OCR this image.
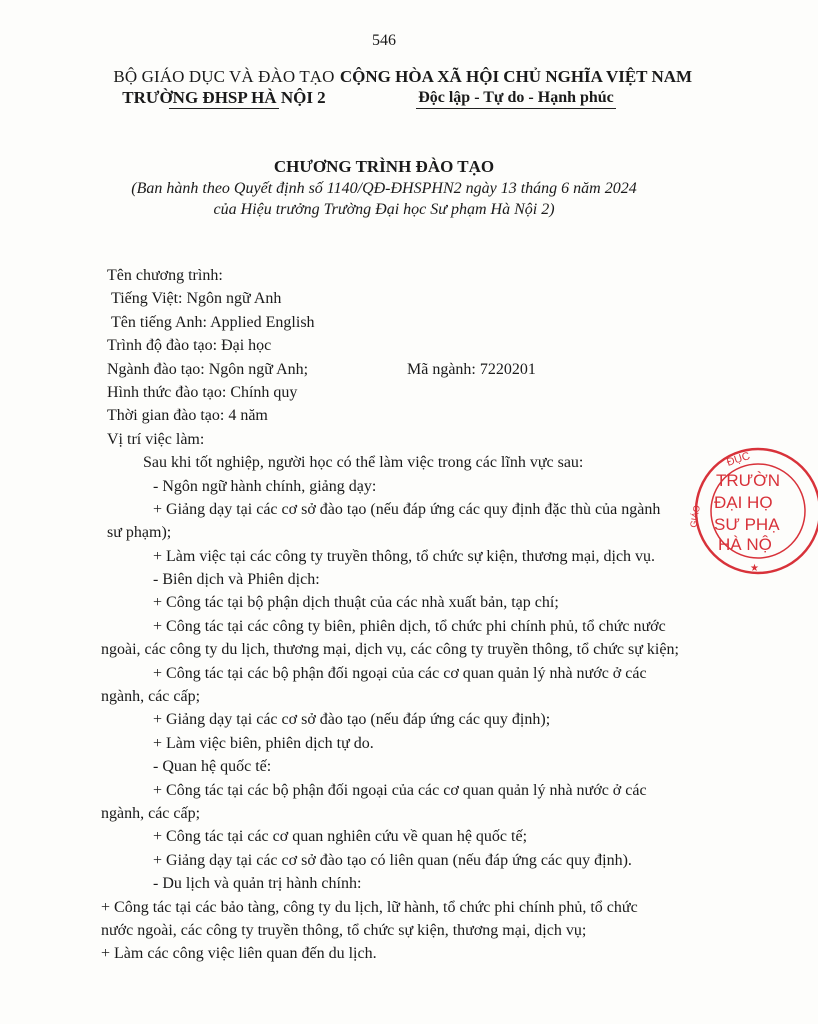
546
BỘ GIÁO DỤC VÀ ĐÀO TẠO
TRƯỜNG ĐHSP HÀ NỘI 2
CỘNG HÒA XÃ HỘI CHỦ NGHĨA VIỆT NAM
Độc lập - Tự do - Hạnh phúc
CHƯƠNG TRÌNH ĐÀO TẠO
(Ban hành theo Quyết định số 1140/QĐ-ĐHSPHN2 ngày 13 tháng 6 năm 2024
của Hiệu trưởng Trường Đại học Sư phạm Hà Nội 2)
Tên chương trình:
Tiếng Việt: Ngôn ngữ Anh
Tên tiếng Anh: Applied English
Trình độ đào tạo: Đại học
Ngành đào tạo: Ngôn ngữ Anh;	Mã ngành: 7220201
Hình thức đào tạo: Chính quy
Thời gian đào tạo: 4 năm
Vị trí việc làm:
Sau khi tốt nghiệp, người học có thể làm việc trong các lĩnh vực sau:
- Ngôn ngữ hành chính, giảng dạy:
+ Giảng dạy tại các cơ sở đào tạo (nếu đáp ứng các quy định đặc thù của ngành
sư phạm);
+ Làm việc tại các công ty truyền thông, tổ chức sự kiện, thương mại, dịch vụ.
- Biên dịch và Phiên dịch:
+ Công tác tại bộ phận dịch thuật của các nhà xuất bản, tạp chí;
+ Công tác tại các công ty biên, phiên dịch, tổ chức phi chính phủ, tổ chức nước
ngoài, các công ty du lịch, thương mại, dịch vụ, các công ty truyền thông, tổ chức sự kiện;
+ Công tác tại các bộ phận đối ngoại của các cơ quan quản lý nhà nước ở các
ngành, các cấp;
+ Giảng dạy tại các cơ sở đào tạo (nếu đáp ứng các quy định);
+ Làm việc biên, phiên dịch tự do.
- Quan hệ quốc tế:
+ Công tác tại các bộ phận đối ngoại của các cơ quan quản lý nhà nước ở các
ngành, các cấp;
+ Công tác tại các cơ quan nghiên cứu về quan hệ quốc tế;
+ Giảng dạy tại các cơ sở đào tạo có liên quan (nếu đáp ứng các quy định).
- Du lịch và quản trị hành chính:
+ Công tác tại các bảo tàng, công ty du lịch, lữ hành, tổ chức phi chính phủ, tổ chức
nước ngoài, các công ty truyền thông, tổ chức sự kiện, thương mại, dịch vụ;
+ Làm các công việc liên quan đến du lịch.
ĐỤC
GIÁO
TRƯỜN
ĐẠI HỌ
SƯ PHẠ
HÀ NỘ
★
